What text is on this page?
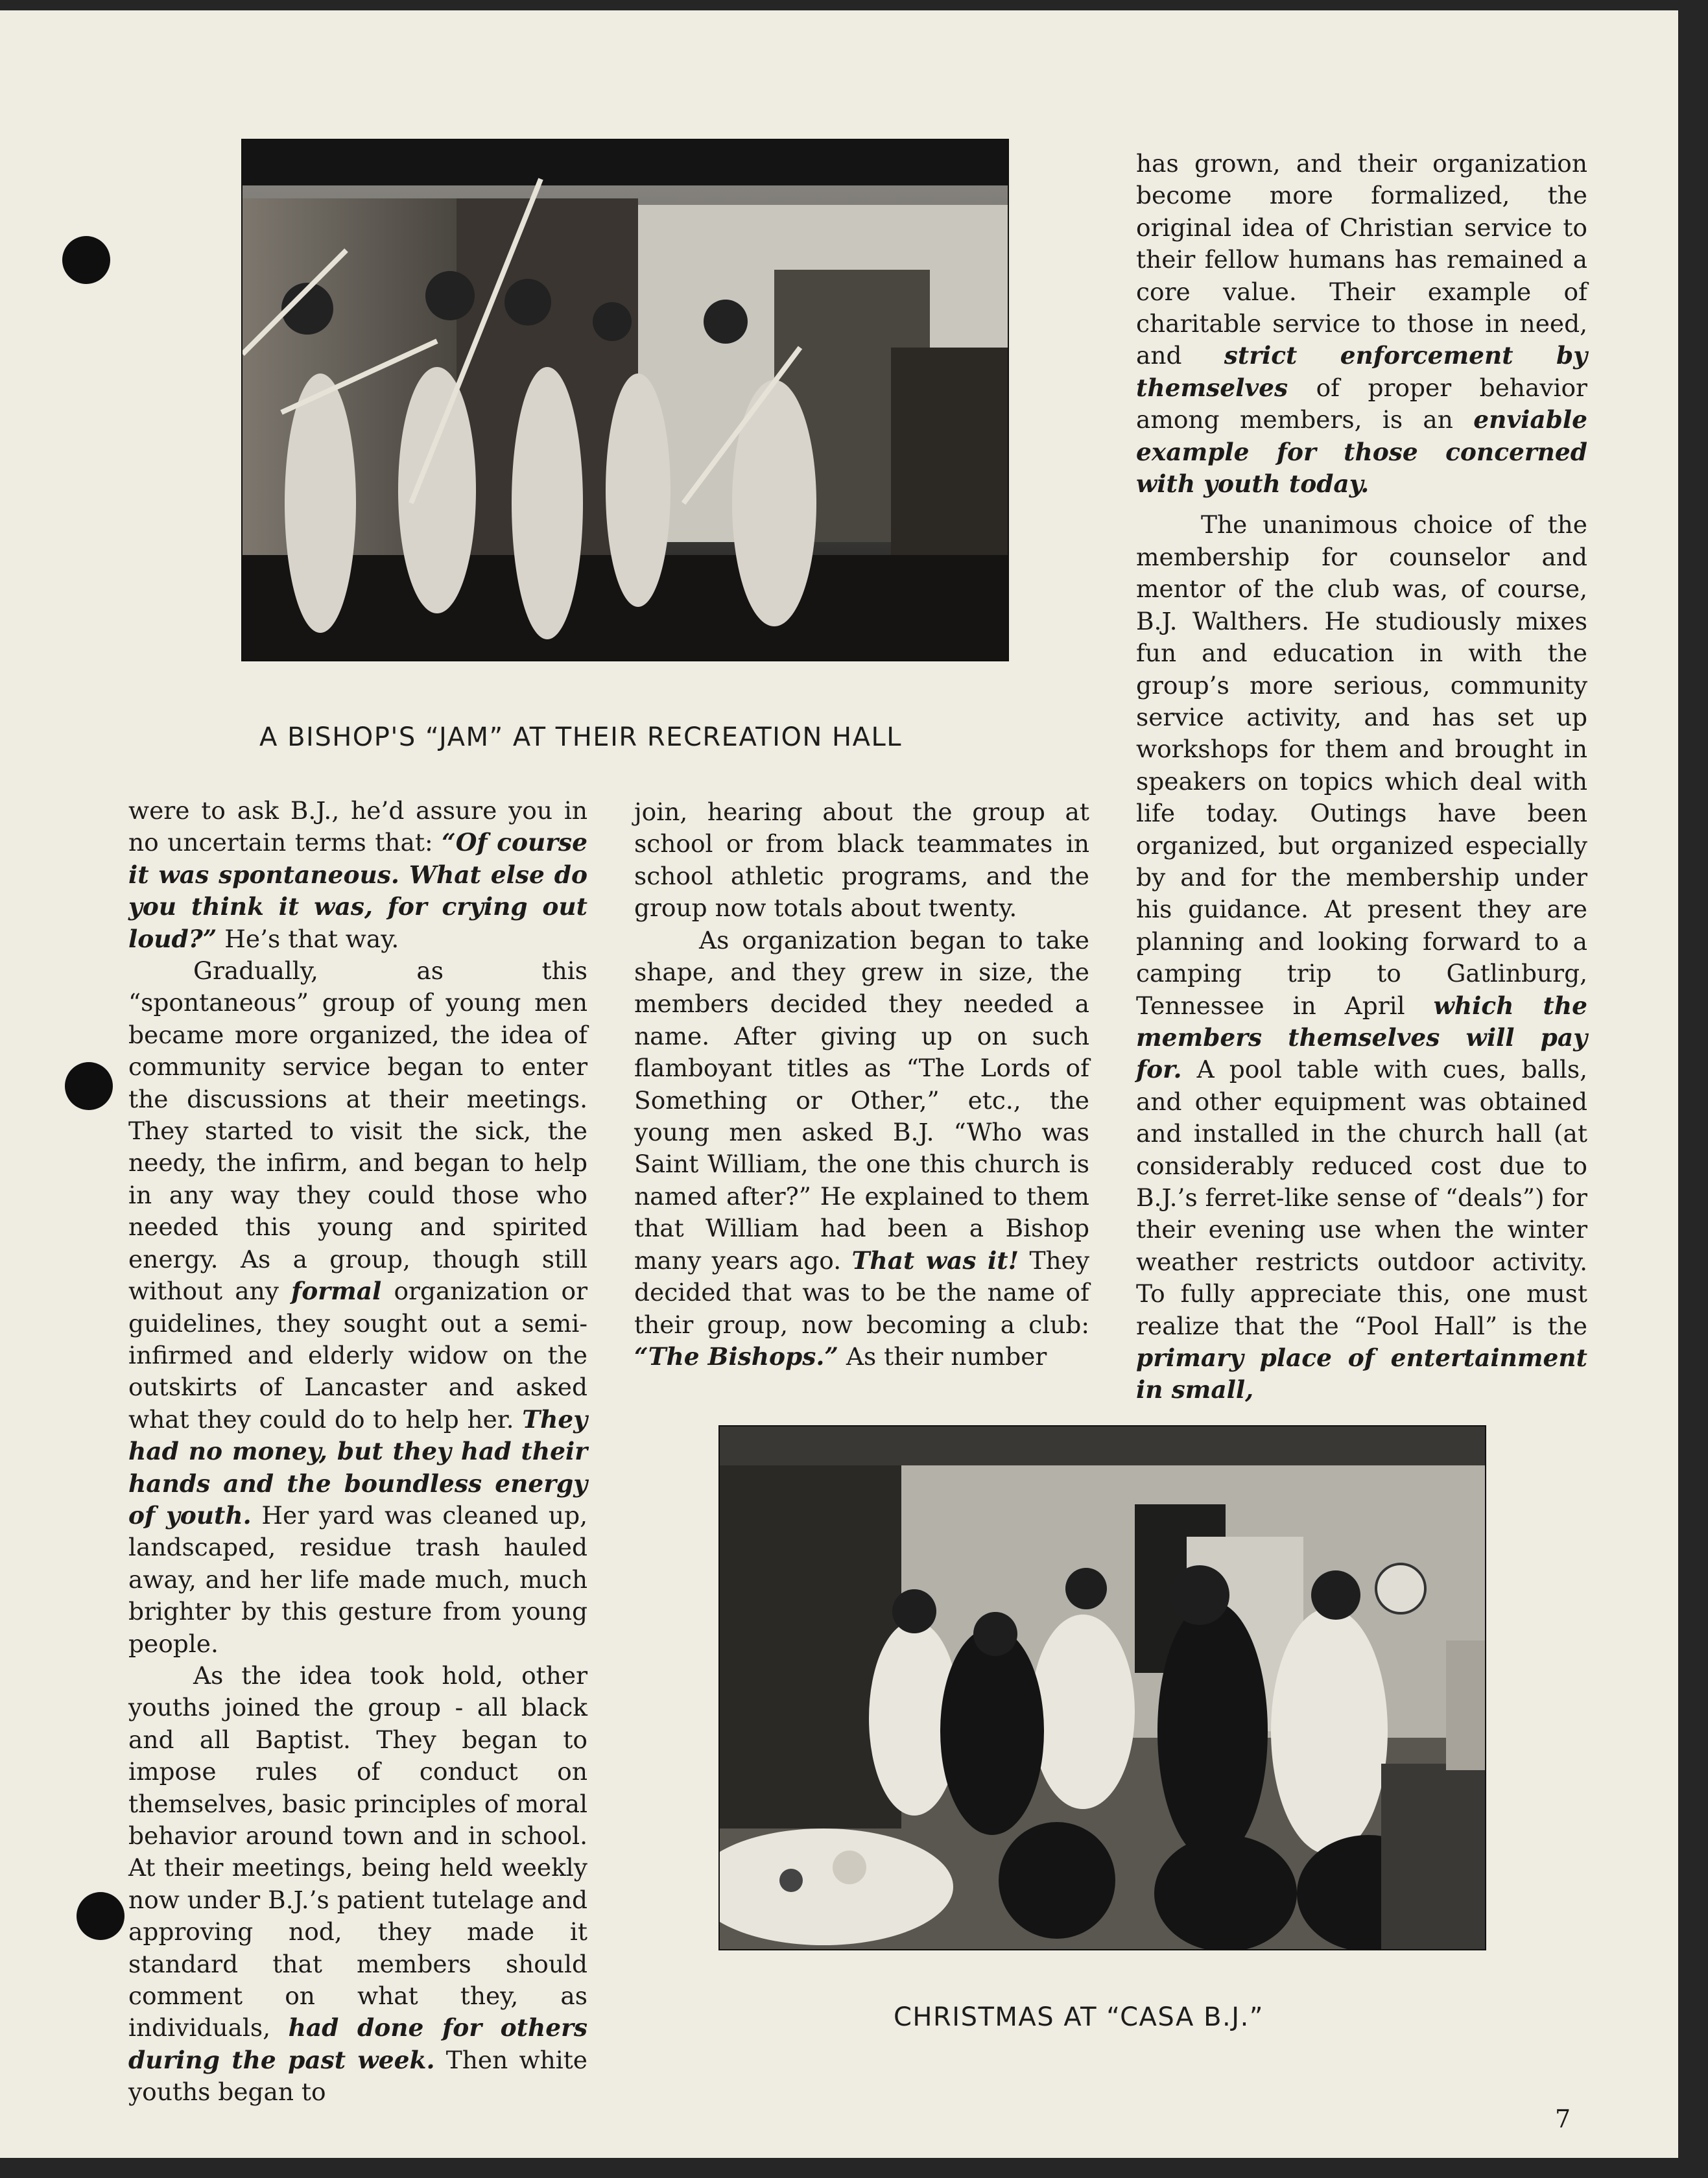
A BISHOP'S “JAM” AT THEIR RECREATION HALL
CHRISTMAS AT “CASA B.J.”

were to ask B.J., he’d assure you in no uncertain terms that: “Of course it was spontaneous. What else do you think it was, for crying out loud?” He’s that way.

Gradually, as this “spontaneous” group of young men became more organized, the idea of community service began to enter the discussions at their meetings. They started to visit the sick, the needy, the infirm, and began to help in any way they could those who needed this young and spirited energy. As a group, though still without any formal organization or guidelines, they sought out a semi-infirmed and elderly widow on the outskirts of Lancaster and asked what they could do to help her. They had no money, but they had their hands and the boundless energy of youth. Her yard was cleaned up, landscaped, residue trash hauled away, and her life made much, much brighter by this gesture from young people.

As the idea took hold, other youths joined the group - all black and all Baptist. They began to impose rules of conduct on themselves, basic principles of moral behavior around town and in school. At their meetings, being held weekly now under B.J.’s patient tutelage and approving nod, they made it standard that members should comment on what they, as individuals, had done for others during the past week. Then white youths began to

join, hearing about the group at school or from black teammates in school athletic programs, and the group now totals about twenty.

As organization began to take shape, and they grew in size, the members decided they needed a name. After giving up on such flamboyant titles as “The Lords of Something or Other,” etc., the young men asked B.J. “Who was Saint William, the one this church is named after?” He explained to them that William had been a Bishop many years ago. That was it! They decided that was to be the name of their group, now becoming a club: “The Bishops.” As their number

has grown, and their organization become more formalized, the original idea of Christian service to their fellow humans has remained a core value. Their example of charitable service to those in need, and strict enforcement by themselves of proper behavior among members, is an enviable example for those concerned with youth today.

The unanimous choice of the membership for counselor and mentor of the club was, of course, B.J. Walthers. He studiously mixes fun and education in with the group’s more serious, community service activity, and has set up workshops for them and brought in speakers on topics which deal with life today. Outings have been organized, but organized especially by and for the membership under his guidance. At present they are planning and looking forward to a camping trip to Gatlinburg, Tennessee in April which the members themselves will pay for. A pool table with cues, balls, and other equipment was obtained and installed in the church hall (at considerably reduced cost due to B.J.’s ferret-like sense of “deals”) for their evening use when the winter weather restricts outdoor activity. To fully appreciate this, one must realize that the “Pool Hall” is the primary place of entertainment in small,

7
